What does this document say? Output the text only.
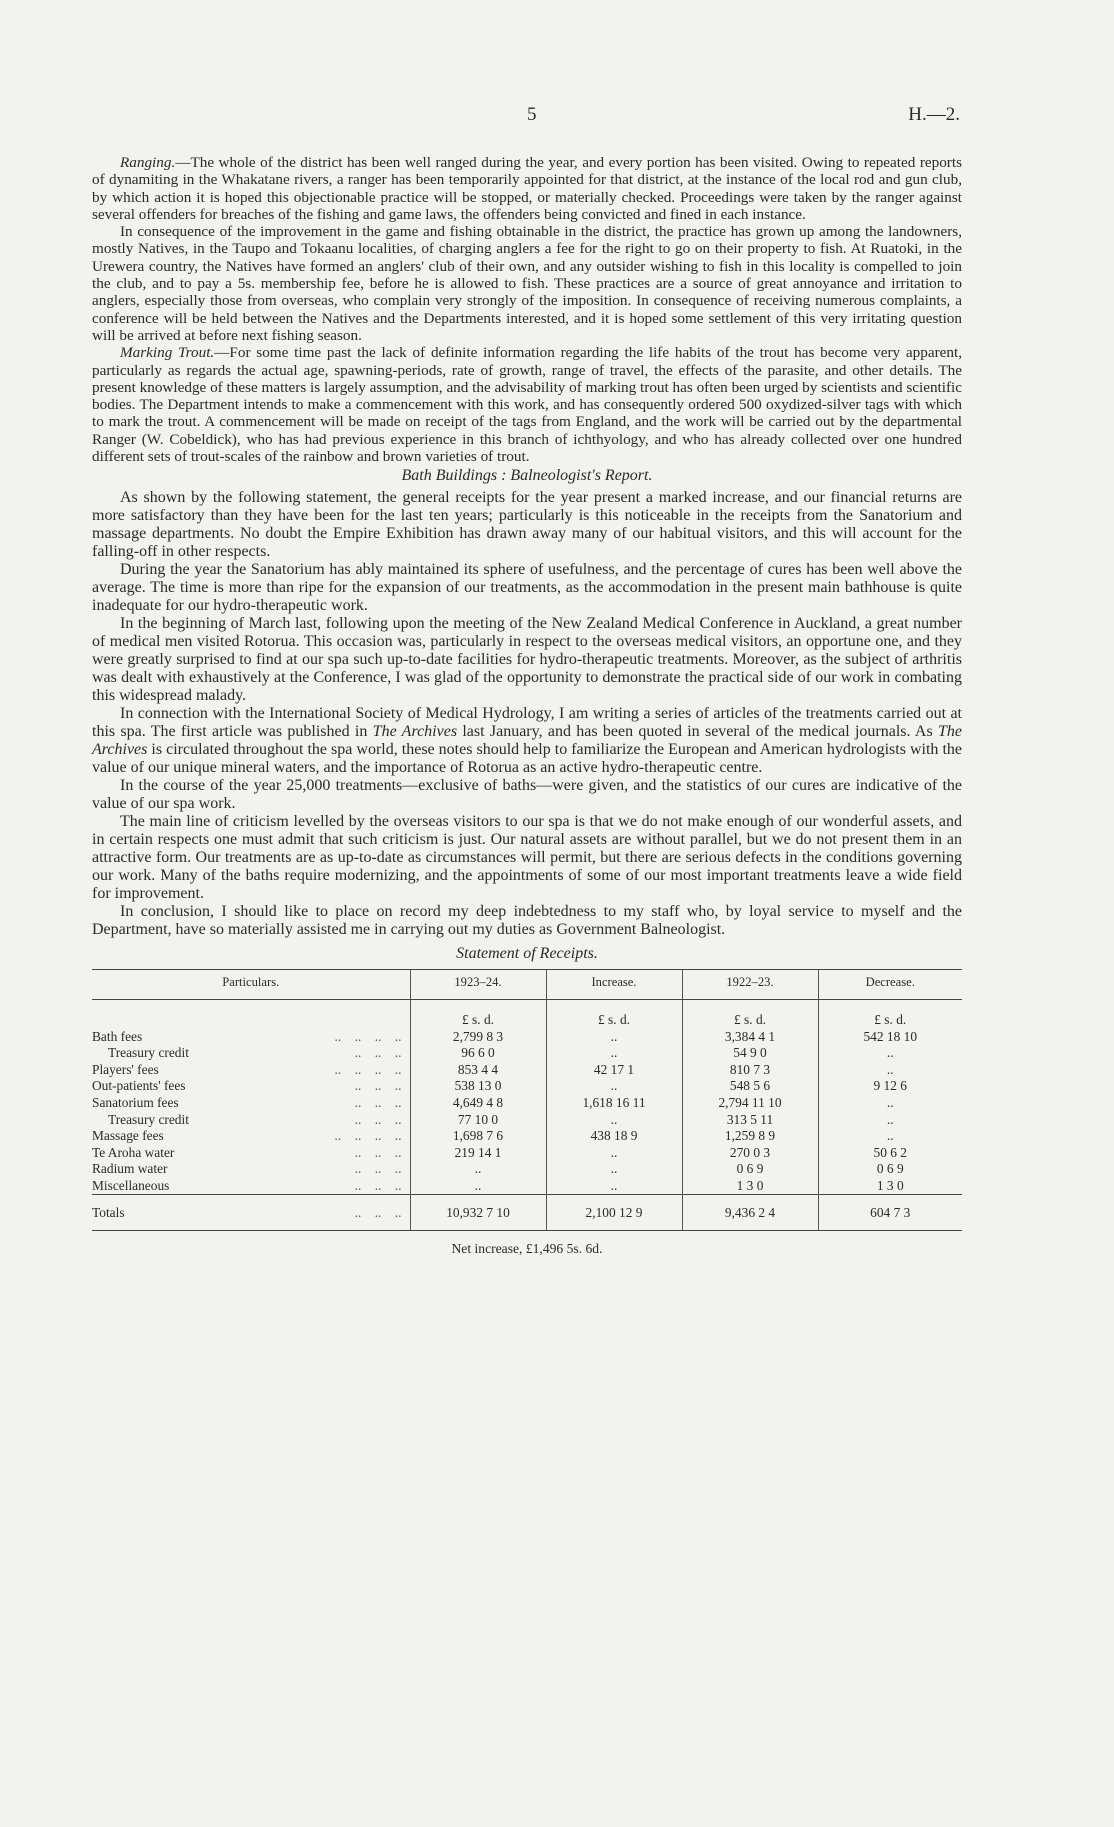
5	H.—2.

Ranging.—The whole of the district has been well ranged during the year, and every portion has been visited. Owing to repeated reports of dynamiting in the Whakatane rivers, a ranger has been temporarily appointed for that district, at the instance of the local rod and gun club, by which action it is hoped this objectionable practice will be stopped, or materially checked. Proceedings were taken by the ranger against several offenders for breaches of the fishing and game laws, the offenders being convicted and fined in each instance.

In consequence of the improvement in the game and fishing obtainable in the district, the practice has grown up among the landowners, mostly Natives, in the Taupo and Tokaanu localities, of charging anglers a fee for the right to go on their property to fish. At Ruatoki, in the Urewera country, the Natives have formed an anglers' club of their own, and any outsider wishing to fish in this locality is compelled to join the club, and to pay a 5s. membership fee, before he is allowed to fish. These practices are a source of great annoyance and irritation to anglers, especially those from overseas, who complain very strongly of the imposition. In consequence of receiving numerous complaints, a conference will be held between the Natives and the Departments interested, and it is hoped some settlement of this very irritating question will be arrived at before next fishing season.

Marking Trout.—For some time past the lack of definite information regarding the life habits of the trout has become very apparent, particularly as regards the actual age, spawning-periods, rate of growth, range of travel, the effects of the parasite, and other details. The present knowledge of these matters is largely assumption, and the advisability of marking trout has often been urged by scientists and scientific bodies. The Department intends to make a commencement with this work, and has consequently ordered 500 oxydized-silver tags with which to mark the trout. A commencement will be made on receipt of the tags from England, and the work will be carried out by the departmental Ranger (W. Cobeldick), who has had previous experience in this branch of ichthyology, and who has already collected over one hundred different sets of trout-scales of the rainbow and brown varieties of trout.

Bath Buildings : Balneologist's Report.

As shown by the following statement, the general receipts for the year present a marked increase, and our financial returns are more satisfactory than they have been for the last ten years; particularly is this noticeable in the receipts from the Sanatorium and massage departments. No doubt the Empire Exhibition has drawn away many of our habitual visitors, and this will account for the falling-off in other respects.

During the year the Sanatorium has ably maintained its sphere of usefulness, and the percentage of cures has been well above the average. The time is more than ripe for the expansion of our treatments, as the accommodation in the present main bathhouse is quite inadequate for our hydro-therapeutic work.

In the beginning of March last, following upon the meeting of the New Zealand Medical Conference in Auckland, a great number of medical men visited Rotorua. This occasion was, particularly in respect to the overseas medical visitors, an opportune one, and they were greatly surprised to find at our spa such up-to-date facilities for hydro-therapeutic treatments. Moreover, as the subject of arthritis was dealt with exhaustively at the Conference, I was glad of the opportunity to demonstrate the practical side of our work in combating this widespread malady.

In connection with the International Society of Medical Hydrology, I am writing a series of articles of the treatments carried out at this spa. The first article was published in The Archives last January, and has been quoted in several of the medical journals. As The Archives is circulated throughout the spa world, these notes should help to familiarize the European and American hydrologists with the value of our unique mineral waters, and the importance of Rotorua as an active hydro-therapeutic centre.

In the course of the year 25,000 treatments—exclusive of baths—were given, and the statistics of our cures are indicative of the value of our spa work.

The main line of criticism levelled by the overseas visitors to our spa is that we do not make enough of our wonderful assets, and in certain respects one must admit that such criticism is just. Our natural assets are without parallel, but we do not present them in an attractive form. Our treatments are as up-to-date as circumstances will permit, but there are serious defects in the conditions governing our work. Many of the baths require modernizing, and the appointments of some of our most important treatments leave a wide field for improvement.

In conclusion, I should like to place on record my deep indebtedness to my staff who, by loyal service to myself and the Department, have so materially assisted me in carrying out my duties as Government Balneologist.

Statement of Receipts.
Particulars.	1923–24.	Increase.	1922–23.	Decrease.
	£ s. d.	£ s. d.	£ s. d.	£ s. d.

Bath fees ..    ..    ..    ..	2,799 8 3	..	3,384 4 1	542 18 10

Treasury credit ..    ..    ..	96 6 0	..	54 9 0	..

Players' fees ..    ..    ..    ..	853 4 4	42 17 1	810 7 3	..

Out-patients' fees ..    ..    ..	538 13 0	..	548 5 6	9 12 6

Sanatorium fees ..    ..    ..	4,649 4 8	1,618 16 11	2,794 11 10	..

Treasury credit ..    ..    ..	77 10 0	..	313 5 11	..

Massage fees ..    ..    ..    ..	1,698 7 6	438 18 9	1,259 8 9	..

Te Aroha water ..    ..    ..	219 14 1	..	270 0 3	50 6 2

Radium water ..    ..    ..	..	..	0 6 9	0 6 9

Miscellaneous ..    ..    ..	..	..	1 3 0	1 3 0

Totals ..    ..    ..	10,932 7 10	2,100 12 9	9,436 2 4	604 7 3
Net increase, £1,496 5s. 6d.
